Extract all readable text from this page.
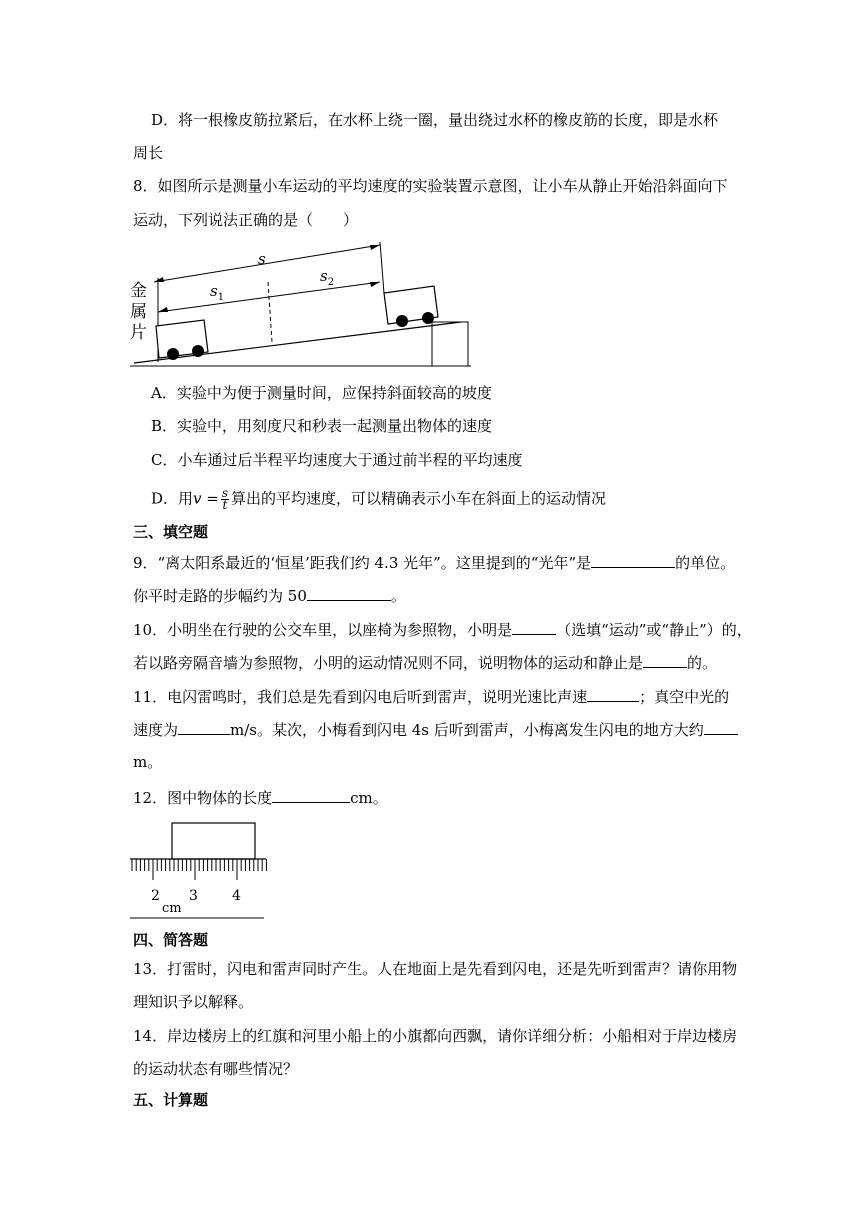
D．将一根橡皮筋拉紧后，在水杯上绕一圈，量出绕过水杯的橡皮筋的长度，即是水杯
周长
8．如图所示是测量小车运动的平均速度的实验装置示意图，让小车从静止开始沿斜面向下
运动，下列说法正确的是（　　）
s
$s_1$
$s_2$
金
属
片
A．实验中为便于测量时间，应保持斜面较高的坡度
B．实验中，用刻度尺和秒表一起测量出物体的速度
C．小车通过后半程平均速度大于通过前半程的平均速度
D．用$v = \frac{s}{t}$ 算出的平均速度，可以精确表示小车在斜面上的运动情况
三、填空题
9．“离太阳系最近的‘恒星’距我们约 4.3 光年”。这里提到的“光年”是	的单位。
你平时走路的步幅约为 50	。
10．小明坐在行驶的公交车里，以座椅为参照物，小明是	（选填“运动”或“静止”）的，
若以路旁隔音墙为参照物，小明的运动情况则不同，说明物体的运动和静止是	的。
11．电闪雷鸣时，我们总是先看到闪电后听到雷声，说明光速比声速	；真空中光的
速度为	m/s。某次，小梅看到闪电 4s 后听到雷声，小梅离发生闪电的地方大约
m。
12．图中物体的长度	cm。
2 3 4
cm
四、简答题
13．打雷时，闪电和雷声同时产生。人在地面上是先看到闪电，还是先听到雷声？请你用物
理知识予以解释。
14．岸边楼房上的红旗和河里小船上的小旗都向西飘，请你详细分析：小船相对于岸边楼房
的运动状态有哪些情况？
五、计算题
